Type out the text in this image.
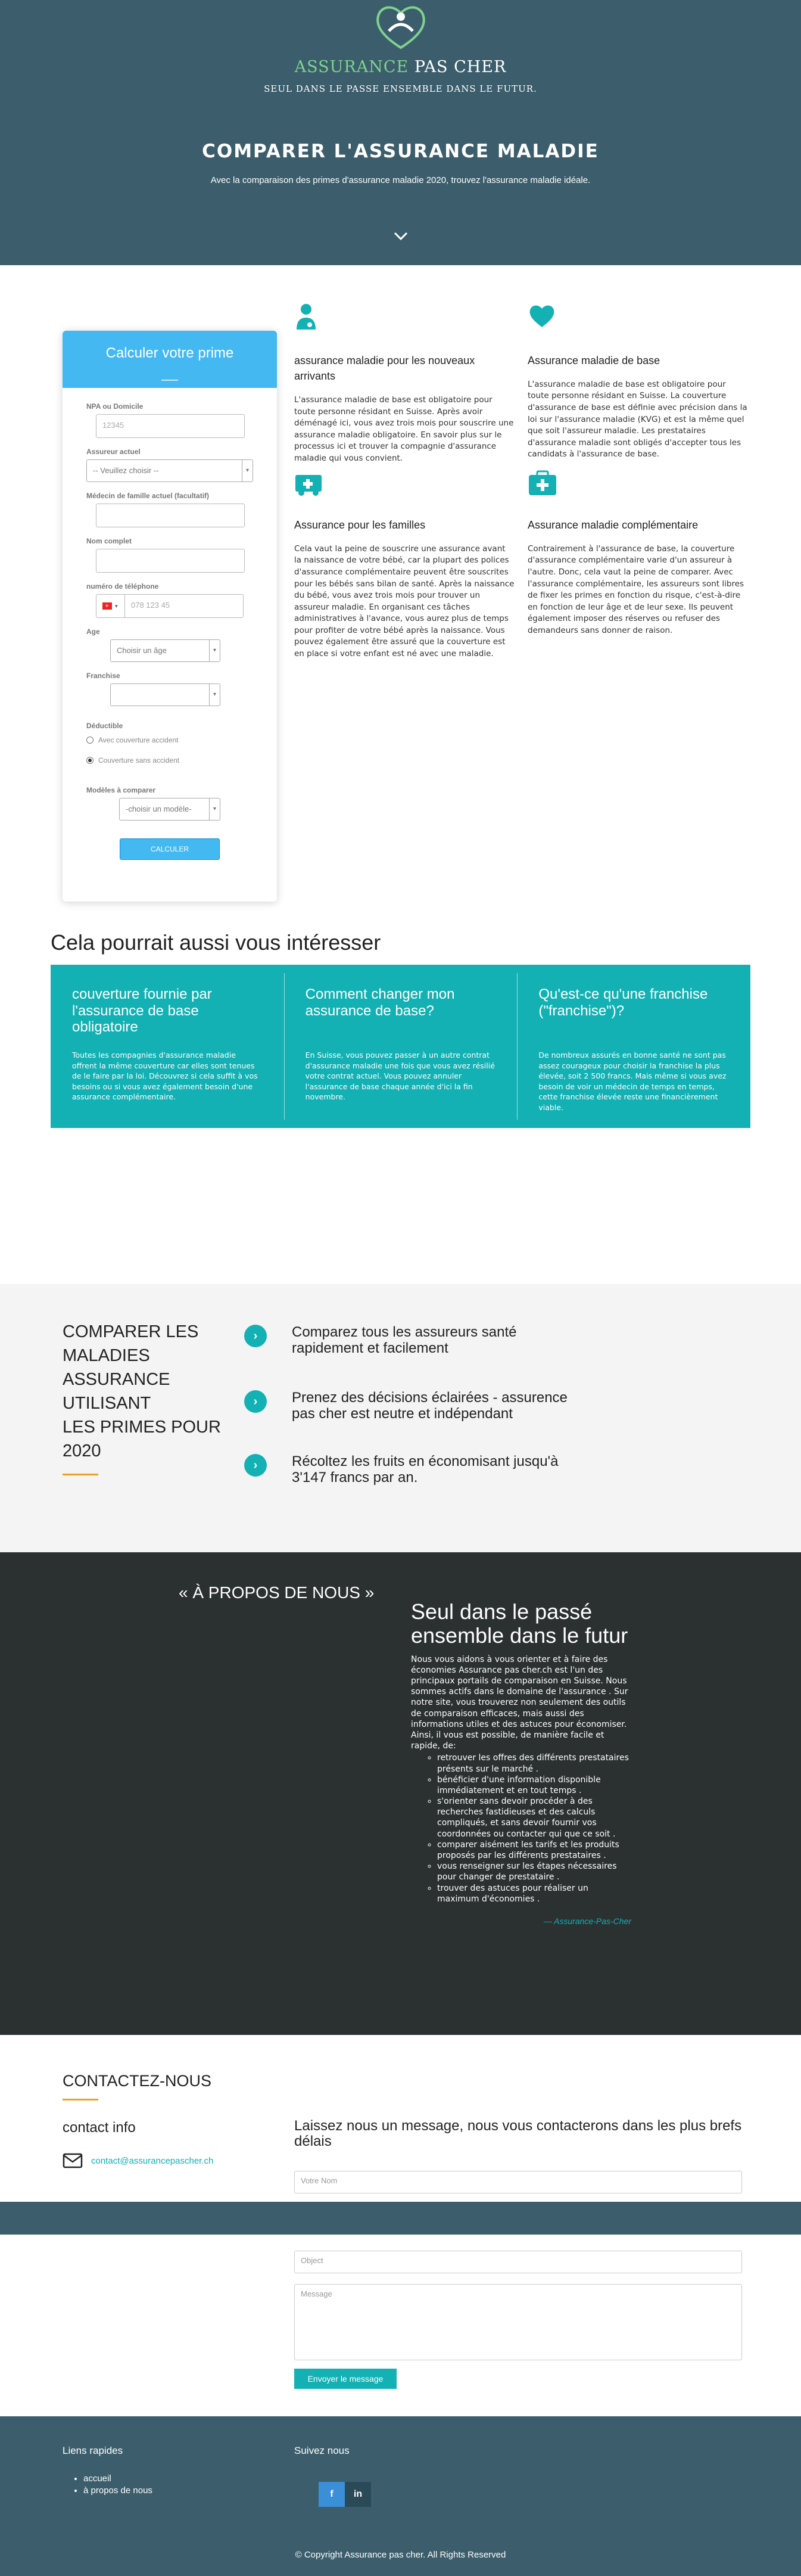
ASSURANCE PAS CHER
SEUL DANS LE PASSE ENSEMBLE DANS LE FUTUR.
COMPARER L'ASSURANCE MALADIE
Avec la comparaison des primes d'assurance maladie 2020, trouvez l'assurance maladie idéale.
Calculer votre prime
NPA ou Domicile
12345
Assureur actuel
-- Veuillez choisir --	▾
Médecin de famille actuel (facultatif)
Nom complet
numéro de téléphone
+	▼	078 123 45
Age
Choisir un âge	▾
Franchise
▾
Déductible
Avec couverture accident
Couverture sans accident
Modèles à comparer
-choisir un modèle-	▾
CALCULER
assurance maladie pour les nouveaux arrivants

L'assurance maladie de base est obligatoire pour toute personne résidant en Suisse. Après avoir déménagé ici, vous avez trois mois pour souscrire une assurance maladie obligatoire. En savoir plus sur le processus ici et trouver la compagnie d'assurance maladie qui vous convient.

Assurance maladie de base

L'assurance maladie de base est obligatoire pour toute personne résidant en Suisse. La couverture d'assurance de base est définie avec précision dans la loi sur l'assurance maladie (KVG) et est la même quel que soit l'assureur maladie. Les prestataires d'assurance maladie sont obligés d'accepter tous les candidats à l'assurance de base.

Assurance pour les familles

Cela vaut la peine de souscrire une assurance avant la naissance de votre bébé, car la plupart des polices d'assurance complémentaire peuvent être souscrites pour les bébés sans bilan de santé. Après la naissance du bébé, vous avez trois mois pour trouver un assureur maladie. En organisant ces tâches administratives à l'avance, vous aurez plus de temps pour profiter de votre bébé après la naissance. Vous pouvez également être assuré que la couverture est en place si votre enfant est né avec une maladie.

Assurance maladie complémentaire

Contrairement à l'assurance de base, la couverture d'assurance complémentaire varie d'un assureur à l'autre. Donc, cela vaut la peine de comparer. Avec l'assurance complémentaire, les assureurs sont libres de fixer les primes en fonction du risque, c'est-à-dire en fonction de leur âge et de leur sexe. Ils peuvent également imposer des réserves ou refuser des demandeurs sans donner de raison.

Cela pourrait aussi vous intéresser
couverture fournie par l'assurance de base obligatoire

Toutes les compagnies d'assurance maladie offrent la même couverture car elles sont tenues de le faire par la loi. Découvrez si cela suffit à vos besoins ou si vous avez également besoin d'une assurance complémentaire.

Comment changer mon assurance de base?

En Suisse, vous pouvez passer à un autre contrat d'assurance maladie une fois que vous avez résilié votre contrat actuel. Vous pouvez annuler l'assurance de base chaque année d'ici la fin novembre.

Qu'est-ce qu'une franchise ("franchise")?

De nombreux assurés en bonne santé ne sont pas assez courageux pour choisir la franchise la plus élevée, soit 2 500 francs. Mais même si vous avez besoin de voir un médecin de temps en temps, cette franchise élevée reste une financièrement viable.

COMPARER LES
MALADIES
ASSURANCE
UTILISANT
LES PRIMES POUR
2020
›	Comparez tous les assureurs santé rapidement et facilement
›	Prenez des décisions éclairées - assurence pas cher est neutre et indépendant
›	Récoltez les fruits en économisant jusqu'à 3'147 francs par an.
« À PROPOS DE NOUS »
Seul dans le passé ensemble dans le futur

Nous vous aidons à vous orienter et à faire des économies Assurance pas cher.ch est l'un des principaux portails de comparaison en Suisse. Nous sommes actifs dans le domaine de l'assurance . Sur notre site, vous trouverez non seulement des outils de comparaison efficaces, mais aussi des informations utiles et des astuces pour économiser. Ainsi, il vous est possible, de manière facile et rapide, de:

◦ retrouver les offres des différents prestataires présents sur le marché .
◦ bénéficier d'une information disponible immédiatement et en tout temps .
◦ s'orienter sans devoir procéder à des recherches fastidieuses et des calculs compliqués, et sans devoir fournir vos coordonnées ou contacter qui que ce soit .
◦ comparer aisément les tarifs et les produits proposés par les différents prestataires .
◦ vous renseigner sur les étapes nécessaires pour changer de prestataire .
◦ trouver des astuces pour réaliser un maximum d'économies .
— Assurance-Pas-Cher
CONTACTEZ-NOUS
contact info
contact@assurancepascher.ch
Laissez nous un message, nous vous contacterons dans les plus brefs délais
Votre Nom
Object
Message
Envoyer le message
Liens rapides
• accueil
• à propos de nous
Suivez nous
f	in
© Copyright Assurance pas cher. All Rights Reserved
